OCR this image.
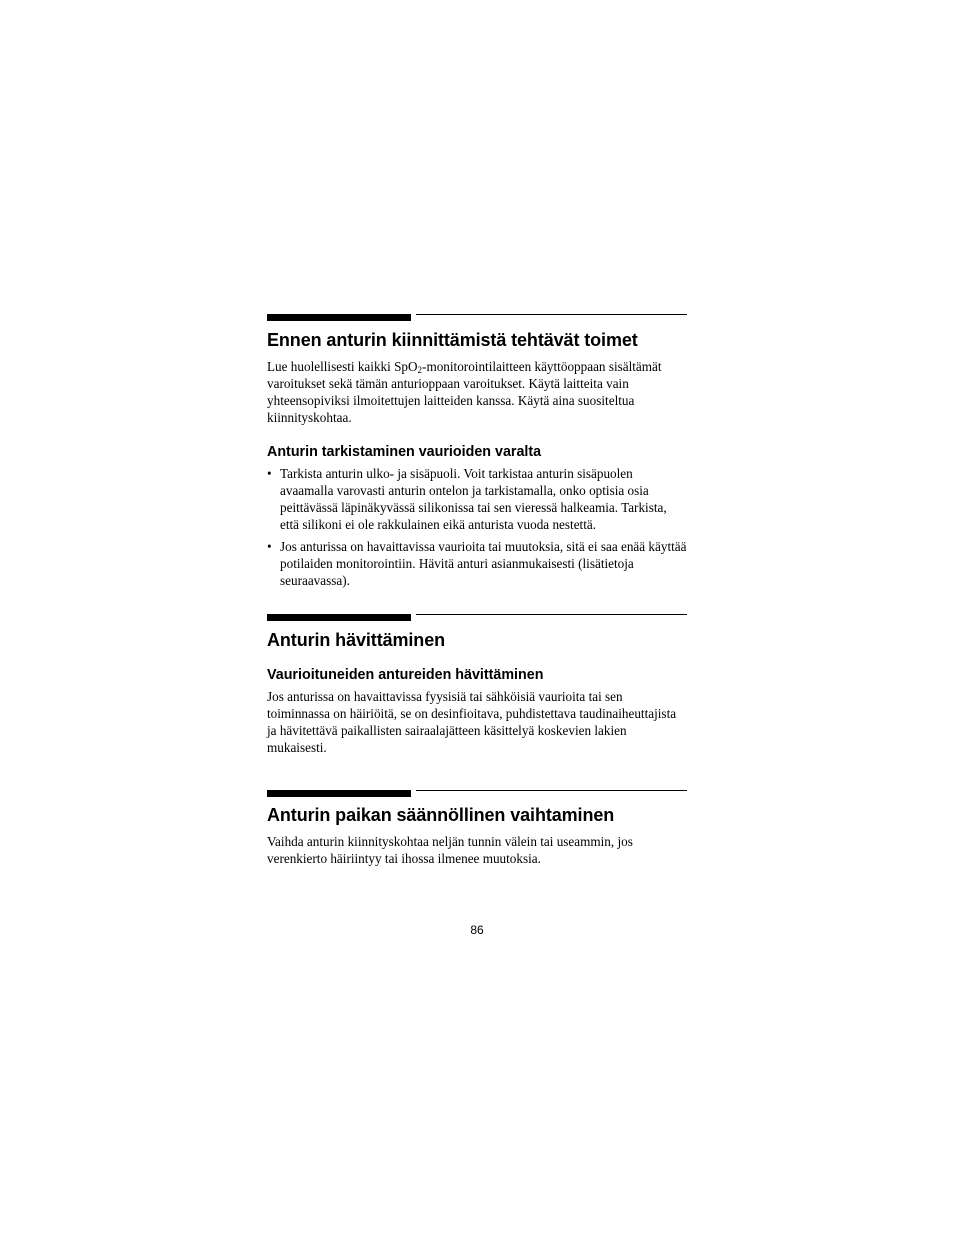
Ennen anturin kiinnittämistä tehtävät toimet

Lue huolellisesti kaikki SpO$_2$-monitorointilaitteen käyttöoppaan sisältämät varoitukset sekä tämän anturioppaan varoitukset. Käytä laitteita vain yhteensopiviksi ilmoitettujen laitteiden kanssa. Käytä aina suositeltua kiinnityskohtaa.

Anturin tarkistaminen vaurioiden varalta
• Tarkista anturin ulko- ja sisäpuoli. Voit tarkistaa anturin sisäpuolen avaamalla varovasti anturin ontelon ja tarkistamalla, onko optisia osia peittävässä läpinäkyvässä silikonissa tai sen vieressä halkeamia. Tarkista, että silikoni ei ole rakkulainen eikä anturista vuoda nestettä.
• Jos anturissa on havaittavissa vaurioita tai muutoksia, sitä ei saa enää käyttää potilaiden monitorointiin. Hävitä anturi asianmukaisesti (lisätietoja seuraavassa).
Anturin hävittäminen
Vaurioituneiden antureiden hävittäminen

Jos anturissa on havaittavissa fyysisiä tai sähköisiä vaurioita tai sen toiminnassa on häiriöitä, se on desinfioitava, puhdistettava taudinaiheuttajista ja hävitettävä paikallisten sairaalajätteen käsittelyä koskevien lakien mukaisesti.

Anturin paikan säännöllinen vaihtaminen

Vaihda anturin kiinnityskohtaa neljän tunnin välein tai useammin, jos verenkierto häiriintyy tai ihossa ilmenee muutoksia.

86
